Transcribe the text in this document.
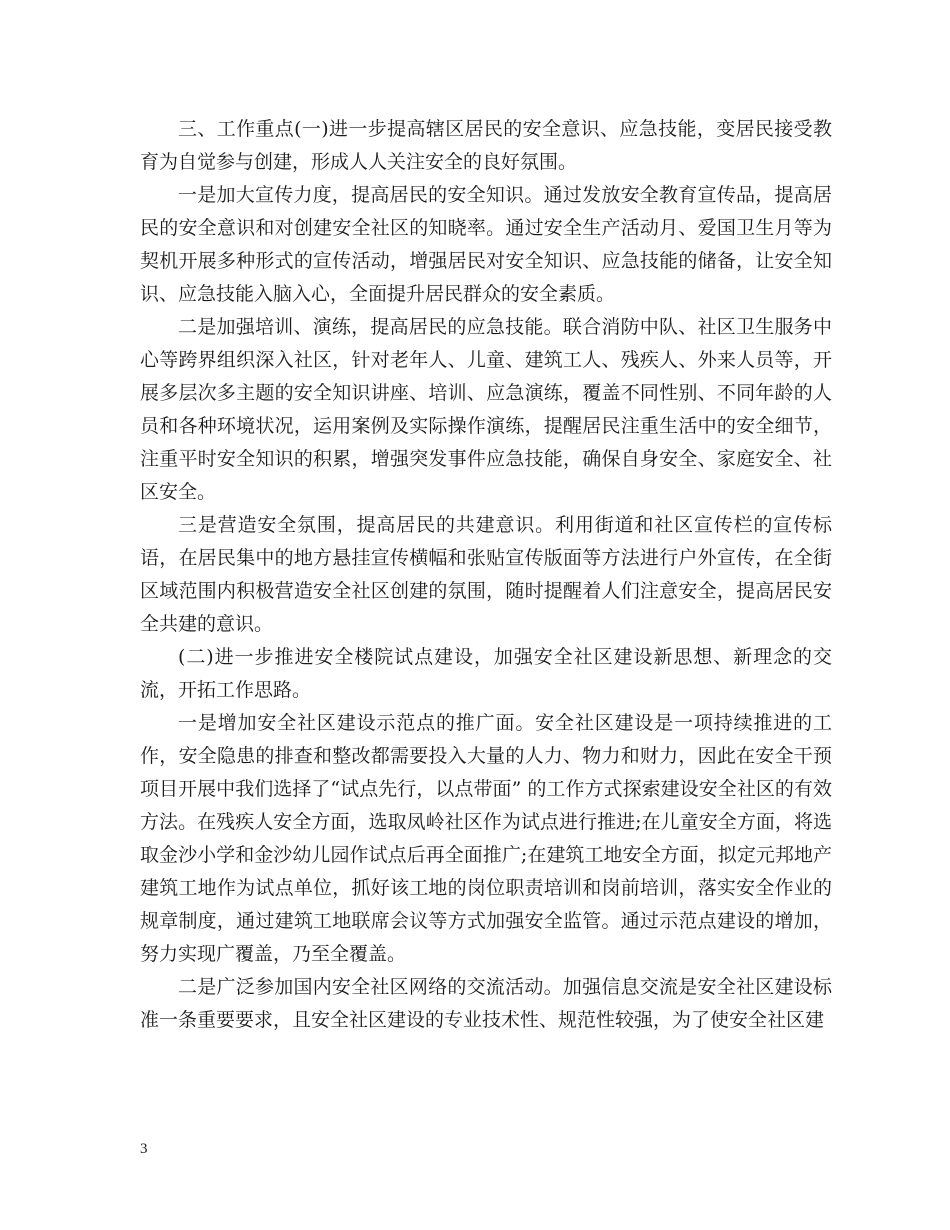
三、工作重点(一)进一步提高辖区居民的安全意识、应急技能，变居民接受教育为自觉参与创建，形成人人关注安全的良好氛围。

一是加大宣传力度，提高居民的安全知识。通过发放安全教育宣传品，提高居民的安全意识和对创建安全社区的知晓率。通过安全生产活动月、爱国卫生月等为契机开展多种形式的宣传活动，增强居民对安全知识、应急技能的储备，让安全知识、应急技能入脑入心，全面提升居民群众的安全素质。

二是加强培训、演练，提高居民的应急技能。联合消防中队、社区卫生服务中心等跨界组织深入社区，针对老年人、儿童、建筑工人、残疾人、外来人员等，开展多层次多主题的安全知识讲座、培训、应急演练，覆盖不同性别、不同年龄的人员和各种环境状况，运用案例及实际操作演练，提醒居民注重生活中的安全细节，注重平时安全知识的积累，增强突发事件应急技能，确保自身安全、家庭安全、社区安全。

三是营造安全氛围，提高居民的共建意识。利用街道和社区宣传栏的宣传标语，在居民集中的地方悬挂宣传横幅和张贴宣传版面等方法进行户外宣传，在全街区域范围内积极营造安全社区创建的氛围，随时提醒着人们注意安全，提高居民安全共建的意识。

(二)进一步推进安全楼院试点建设，加强安全社区建设新思想、新理念的交流，开拓工作思路。

一是增加安全社区建设示范点的推广面。安全社区建设是一项持续推进的工作，安全隐患的排查和整改都需要投入大量的人力、物力和财力，因此在安全干预项目开展中我们选择了“试点先行，以点带面” 的工作方式探索建设安全社区的有效方法。在残疾人安全方面，选取凤岭社区作为试点进行推进;在儿童安全方面，将选取金沙小学和金沙幼儿园作试点后再全面推广;在建筑工地安全方面，拟定元邦地产建筑工地作为试点单位，抓好该工地的岗位职责培训和岗前培训，落实安全作业的规章制度，通过建筑工地联席会议等方式加强安全监管。通过示范点建设的增加，努力实现广覆盖，乃至全覆盖。

二是广泛参加国内安全社区网络的交流活动。加强信息交流是安全社区建设标准一条重要要求，且安全社区建设的专业技术性、规范性较强，为了使安全社区建

3
